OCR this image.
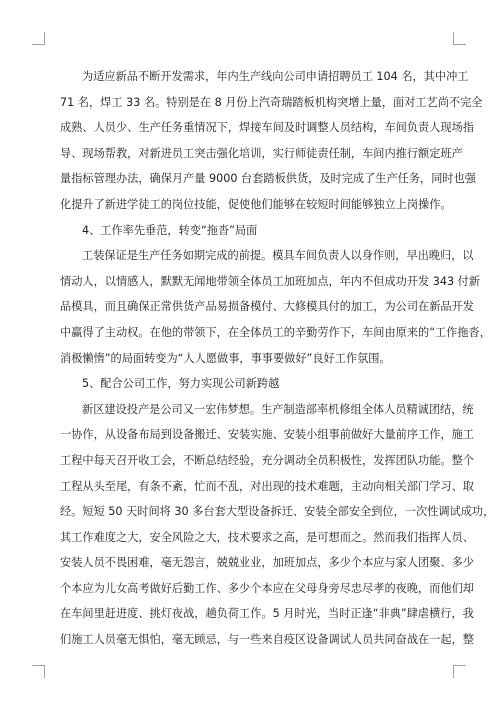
为适应新品不断开发需求，年内生产线向公司申请招聘员工 104 名，其中冲工
71 名，焊工 33 名。特别是在 8 月份上汽奇瑞踏板机构突增上量，面对工艺尚不完全
成熟、人员少、生产任务重情况下，焊接车间及时调整人员结构，车间负责人现场指
导、现场帮教，对新进员工突击强化培训，实行师徒责任制，车间内推行额定班产
量指标管理办法，确保月产量 9000 台套踏板供货，及时完成了生产任务，同时也强
化提升了新进学徒工的岗位技能，促使他们能够在较短时间能够独立上岗操作。
4、工作率先垂范，转变“拖沓”局面
工装保证是生产任务如期完成的前提。模具车间负责人以身作则，早出晚归，以
情动人，以情感人，默默无闻地带领全体员工加班加点，年内不但成功开发 343 付新
品模具，而且确保正常供货产品易损备模付、大修模具付的加工，为公司在新品开发
中赢得了主动权。在他的带领下，在全体员工的辛勤劳作下，车间由原来的“工作拖沓，
消极懒惰”的局面转变为“人人愿做事，事事要做好”良好工作氛围。
5、配合公司工作，努力实现公司新跨越
新区建设投产是公司又一宏伟梦想。生产制造部率机修组全体人员精诚团结，统
一协作，从设备布局到设备搬迁、安装实施、安装小组事前做好大量前序工作，施工
工程中每天召开收工会，不断总结经验，充分调动全员积极性，发挥团队功能。整个
工程从头至尾，有条不紊，忙而不乱，对出现的技术难题，主动向相关部门学习、取
经。短短 50 天时间将 30 多台套大型设备拆迁、安装全部安全到位，一次性调试成功，
其工作难度之大，安全风险之大，技术要求之高，是可想而之。然而我们指挥人员、
安装人员不畏困难，毫无怨言，兢兢业业，加班加点，多少个本应与家人团聚、多少
个本应为儿女高考做好后勤工作、多少个本应在父母身旁尽忠尽孝的夜晚，而他们却
在车间里赶进度、挑灯夜战，趟负荷工作。5 月时光，当时正逢“非典”肆虐横行，我
们施工人员毫无惧怕，毫无顾忌，与一些来自疫区设备调试人员共同奋战在一起，整
